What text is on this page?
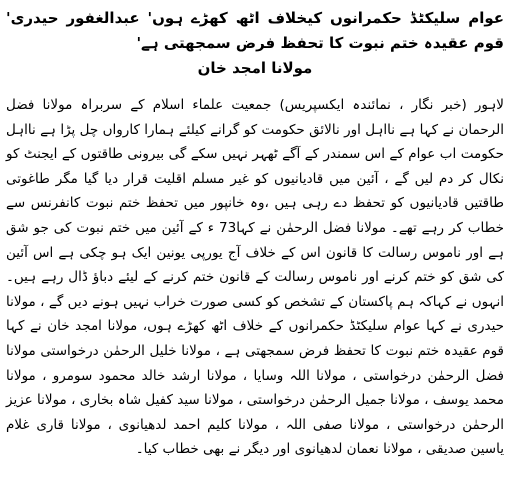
عوام سلیکٹڈ حکمرانوں کیخلاف اٹھ کھڑے ہوں' عبدالغفور حیدری' قوم عقیدہ ختم نبوت کا تحفظ فرض سمجھتی ہے'

مولانا امجد خان

لاہور (خبر نگار ، نمائندہ ایکسپریس) جمعیت علماء اسلام کے سربراہ مولانا فضل الرحمان نے کہا ہے نااہل اور نالائق حکومت کو گرانے کیلئے ہمارا کارواں چل پڑا ہے نااہل حکومت اب عوام کے اس سمندر کے آگے ٹھہر نہیں سکے گی بیرونی طاقتوں کے ایجنٹ کو نکال کر دم لیں گے ، آئین میں قادیانیوں کو غیر مسلم اقلیت قرار دیا گیا مگر طاغوتی طاقتیں قادیانیوں کو تحفظ دے رہی ہیں ،وہ خانپور میں تحفظ ختم نبوت کانفرنس سے خطاب کر رہے تھے۔ مولانا فضل الرحمٰن نے کہا73 ء کے آئین میں ختم نبوت کی جو شق ہے اور ناموس رسالت کا قانون اس کے خلاف آج یورپی یونین ایک ہو چکی ہے اس آئین کی شق کو ختم کرنے اور ناموس رسالت کے قانون ختم کرنے کے لیئے دباؤ ڈال رہے ہیں۔ انہوں نے کہاکہ ہم پاکستان کے تشخص کو کسی صورت خراب نہیں ہونے دیں گے ، مولانا حیدری نے کہا عوام سلیکٹڈ حکمرانوں کے خلاف اٹھ کھڑے ہوں، مولانا امجد خان نے کہا قوم عقیدہ ختم نبوت کا تحفظ فرض سمجھتی ہے ، مولانا خلیل الرحمٰن درخواستی مولانا فضل الرحمٰن درخواستی ، مولانا اللہ وسایا ، مولانا ارشد خالد محمود سومرو ، مولانا محمد یوسف ، مولانا جمیل الرحمٰن درخواستی ، مولانا سید کفیل شاہ بخاری ، مولانا عزیز الرحمٰن درخواستی ، مولانا صفی اللہ ، مولانا کلیم احمد لدھیانوی ، مولانا قاری غلام یاسین صدیقی ، مولانا نعمان لدھیانوی اور دیگر نے بھی خطاب کیا۔
